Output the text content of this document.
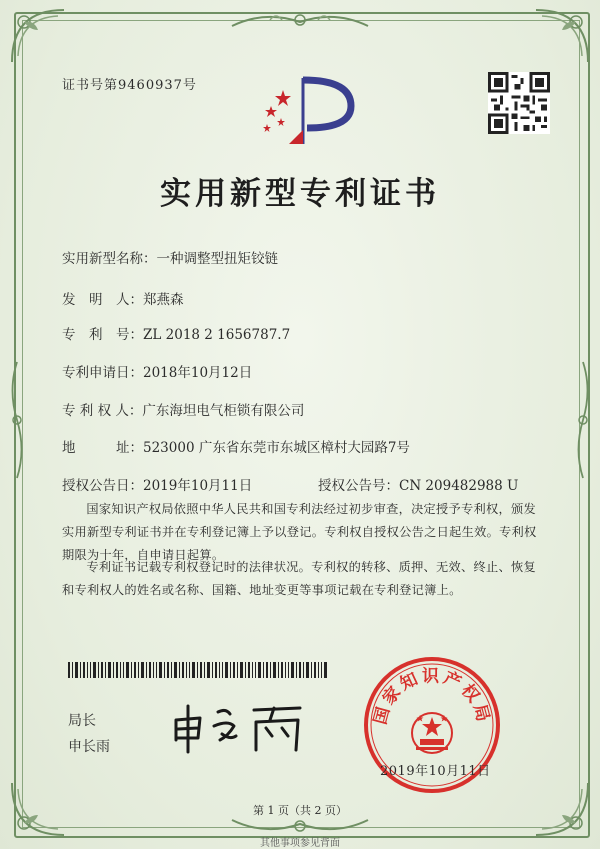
证书号第9460937号
实用新型专利证书
实用新型名称：一种调整型扭矩铰链
发　明　人：郑燕森
专　利　号：ZL 2018 2 1656787.7
专利申请日：2018年10月12日
专 利 权 人：广东海坦电气柜锁有限公司
地　　　址：523000 广东省东莞市东城区樟村大园路7号
授权公告日：2019年10月11日	授权公告号：CN 209482988 U
国家知识产权局依照中华人民共和国专利法经过初步审查，决定授予专利权，颁发实用新型专利证书并在专利登记簿上予以登记。专利权自授权公告之日起生效。专利权期限为十年，自申请日起算。
专利证书记载专利权登记时的法律状况。专利权的转移、质押、无效、终止、恢复和专利权人的姓名或名称、国籍、地址变更等事项记载在专利登记簿上。
局长
申长雨
国家知识产权局
2019年10月11日
第 1 页（共 2 页）
其他事项参见背面
